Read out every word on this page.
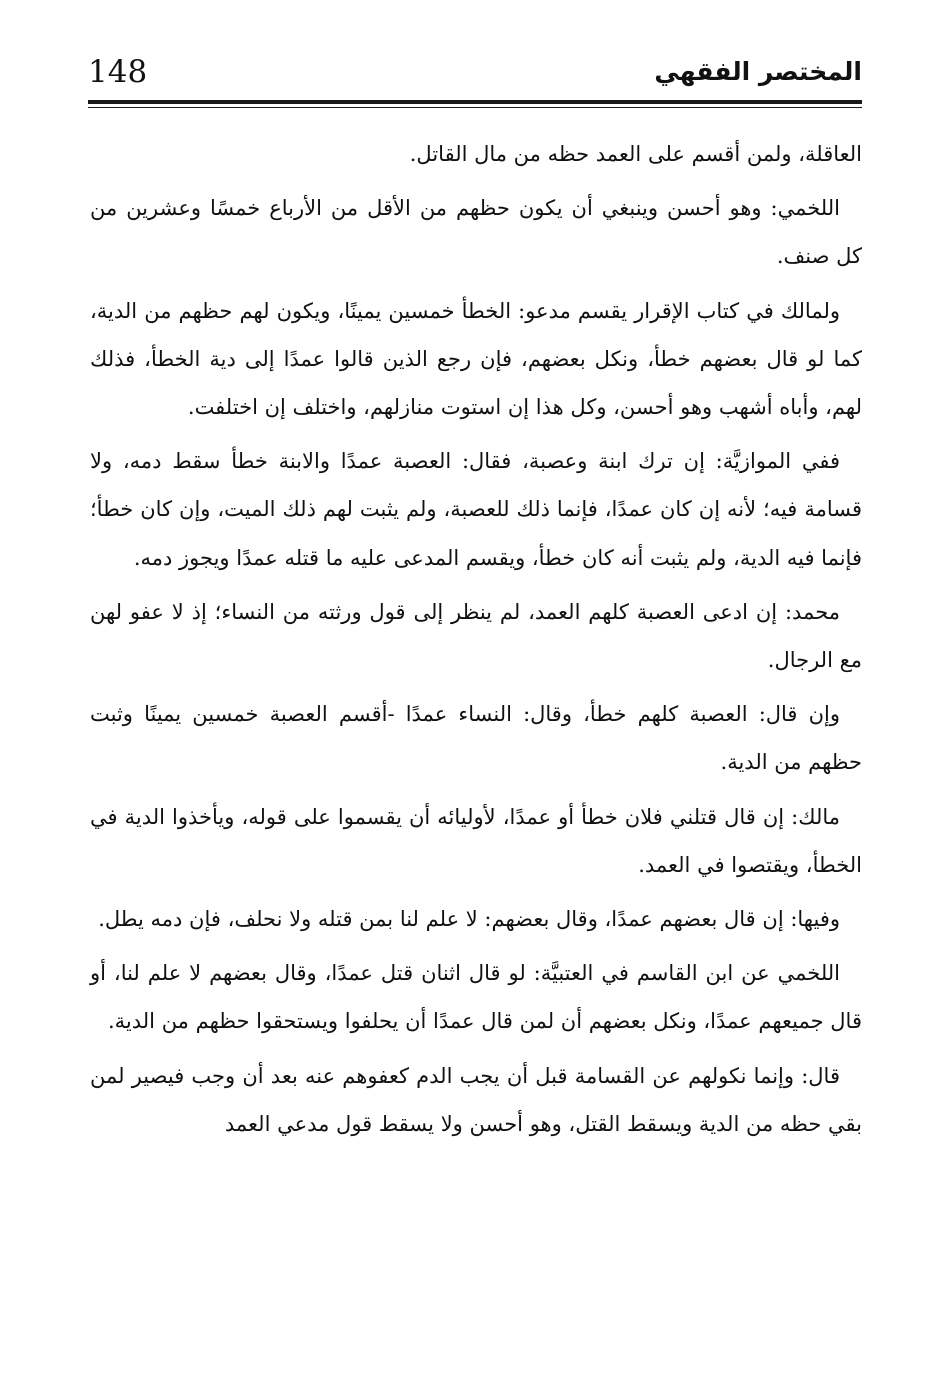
148	المختصر الفقهي

العاقلة، ولمن أقسم على العمد حظه من مال القاتل.

اللخمي: وهو أحسن وينبغي أن يكون حظهم من الأقل من الأرباع خمسًا وعشرين من كل صنف.

ولمالك في كتاب الإقرار يقسم مدعو: الخطأ خمسين يمينًا، ويكون لهم حظهم من الدية، كما لو قال بعضهم خطأ، ونكل بعضهم، فإن رجع الذين قالوا عمدًا إلى دية الخطأ، فذلك لهم، وأباه أشهب وهو أحسن، وكل هذا إن استوت منازلهم، واختلف إن اختلفت.

ففي الموازيَّة: إن ترك ابنة وعصبة، فقال: العصبة عمدًا والابنة خطأ سقط دمه، ولا قسامة فيه؛ لأنه إن كان عمدًا، فإنما ذلك للعصبة، ولم يثبت لهم ذلك الميت، وإن كان خطأ؛ فإنما فيه الدية، ولم يثبت أنه كان خطأ، ويقسم المدعى عليه ما قتله عمدًا ويجوز دمه.

محمد: إن ادعى العصبة كلهم العمد، لم ينظر إلى قول ورثته من النساء؛ إذ لا عفو لهن مع الرجال.

وإن قال: العصبة كلهم خطأ، وقال: النساء عمدًا -أقسم العصبة خمسين يمينًا وثبت حظهم من الدية.

مالك: إن قال قتلني فلان خطأ أو عمدًا، لأوليائه أن يقسموا على قوله، ويأخذوا الدية في الخطأ، ويقتصوا في العمد.

وفيها: إن قال بعضهم عمدًا، وقال بعضهم: لا علم لنا بمن قتله ولا نحلف، فإن دمه يطل.

اللخمي عن ابن القاسم في العتبيَّة: لو قال اثنان قتل عمدًا، وقال بعضهم لا علم لنا، أو قال جميعهم عمدًا، ونكل بعضهم أن لمن قال عمدًا أن يحلفوا ويستحقوا حظهم من الدية.

قال: وإنما نكولهم عن القسامة قبل أن يجب الدم كعفوهم عنه بعد أن وجب فيصير لمن بقي حظه من الدية ويسقط القتل، وهو أحسن ولا يسقط قول مدعي العمد
